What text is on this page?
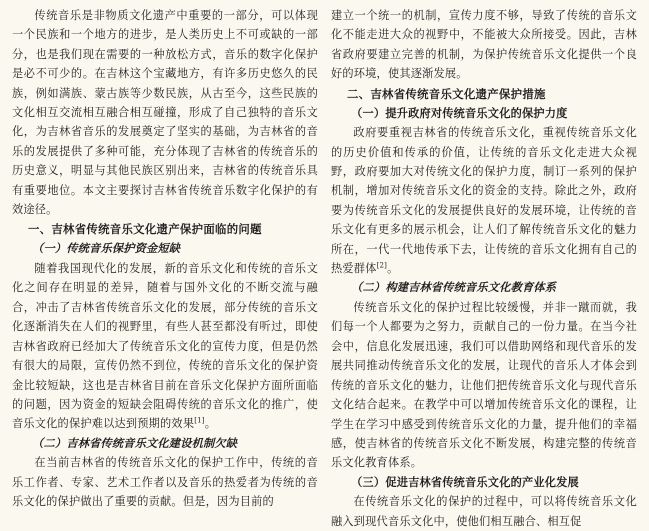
传统音乐是非物质文化遗产中重要的一部分，可以体现一个民族和一个地方的进步，是人类历史上不可或缺的一部分，也是我们现在需要的一种放松方式，音乐的数字化保护是必不可少的。在吉林这个宝藏地方，有许多历史悠久的民族，例如满族、蒙古族等少数民族，从古至今，这些民族的文化相互交流相互融合相互碰撞，形成了自己独特的音乐文化，为吉林省音乐的发展奠定了坚实的基础，为吉林省的音乐的发展提供了多种可能，充分体现了吉林省的传统音乐的历史意义，明显与其他民族区别出来，吉林省的传统音乐具有重要地位。本文主要探讨吉林省传统音乐数字化保护的有效途径。

一、吉林省传统音乐文化遗产保护面临的问题

（一）传统音乐保护资金短缺

随着我国现代化的发展，新的音乐文化和传统的音乐文化之间存在明显的差异，随着与国外文化的不断交流与融合，冲击了吉林省传统音乐文化的发展，部分传统的音乐文化逐渐消失在人们的视野里，有些人甚至都没有听过，即使吉林省政府已经加大了传统音乐文化的宣传力度，但是仍然有很大的局限，宣传仍然不到位，传统的音乐文化的保护资金比较短缺，这也是吉林省目前在音乐文化保护方面所面临的问题，因为资金的短缺会阻碍传统的音乐文化的推广，使音乐文化的保护难以达到预期的效果[1]。

（二）吉林省传统音乐文化建设机制欠缺

在当前吉林省的传统音乐文化的保护工作中，传统的音乐工作者、专家、艺术工作者以及音乐的热爱者为传统的音乐文化的保护做出了重要的贡献。但是，因为目前的

建立一个统一的机制，宣传力度不够，导致了传统的音乐文化不能走进大众的视野中，不能被大众所接受。因此，吉林省政府要建立完善的机制，为保护传统音乐文化提供一个良好的环境，使其逐渐发展。

二、吉林省传统音乐文化遗产保护措施

（一）提升政府对传统音乐文化的保护力度

政府要重视吉林省的传统音乐文化，重视传统音乐文化的历史价值和传承的价值，让传统的音乐文化走进大众视野，政府要加大对传统文化的保护力度，制订一系列的保护机制，增加对传统音乐文化的资金的支持。除此之外，政府要为传统音乐文化的发展提供良好的发展环境，让传统的音乐文化有更多的展示机会，让人们了解传统音乐文化的魅力所在，一代一代地传承下去，让传统的音乐文化拥有自己的热爱群体[2]。

（二）构建吉林省传统音乐文化教育体系

传统音乐文化的保护过程比较缓慢，并非一蹴而就，我们每一个人都要为之努力，贡献自己的一份力量。在当今社会中，信息化发展迅速，我们可以借助网络和现代音乐的发展共同推动传统音乐文化的发展，让现代的音乐人才体会到传统的音乐文化的魅力，让他们把传统音乐文化与现代音乐文化结合起来。在教学中可以增加传统音乐文化的课程，让学生在学习中感受到传统音乐文化的力量，提升他们的幸福感，使吉林省的传统音乐文化不断发展，构建完整的传统音乐文化教育体系。

（三）促进吉林省传统音乐文化的产业化发展

在传统音乐文化的保护的过程中，可以将传统音乐文化融入到现代音乐文化中，使他们相互融合、相互促
